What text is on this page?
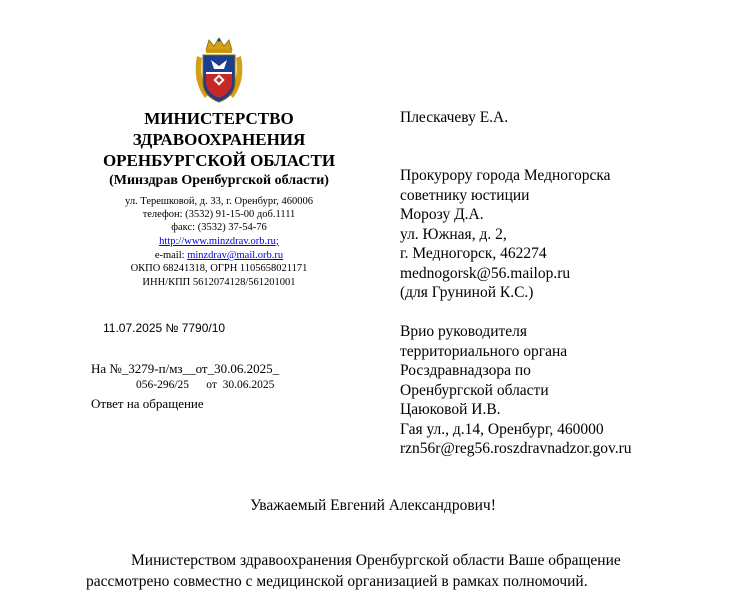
МИНИСТЕРСТВО
ЗДРАВООХРАНЕНИЯ
ОРЕНБУРГСКОЙ ОБЛАСТИ
(Минздрав Оренбургской области)
ул. Терешковой, д. 33, г. Оренбург, 460006
телефон: (3532) 91-15-00 доб.1111
факс: (3532) 37-54-76
http://www.minzdrav.orb.ru;
e-mail: minzdrav@mail.orb.ru
ОКПО 68241318, ОГРН 1105658021171
ИНН/КПП 5612074128/561201001
11.07.2025 № 7790/10
На №_3279-п/мз__от_30.06.2025_
056-296/25      от  30.06.2025
Ответ на обращение
Плескачеву Е.А.
Прокурору города Медногорска
советнику юстиции
Морозу Д.А.
ул. Южная, д. 2,
г. Медногорск, 462274
mednogorsk@56.mailop.ru
(для Груниной К.С.)
Врио руководителя
территориального органа
Росздравнадзора по
Оренбургской области
Цаюковой И.В.
Гая ул., д.14, Оренбург, 460000
rzn56r@reg56.roszdravnadzor.gov.ru
Уважаемый Евгений Александрович!
Министерством здравоохранения Оренбургской области Ваше обращение
рассмотрено совместно с медицинской организацией в рамках полномочий.
